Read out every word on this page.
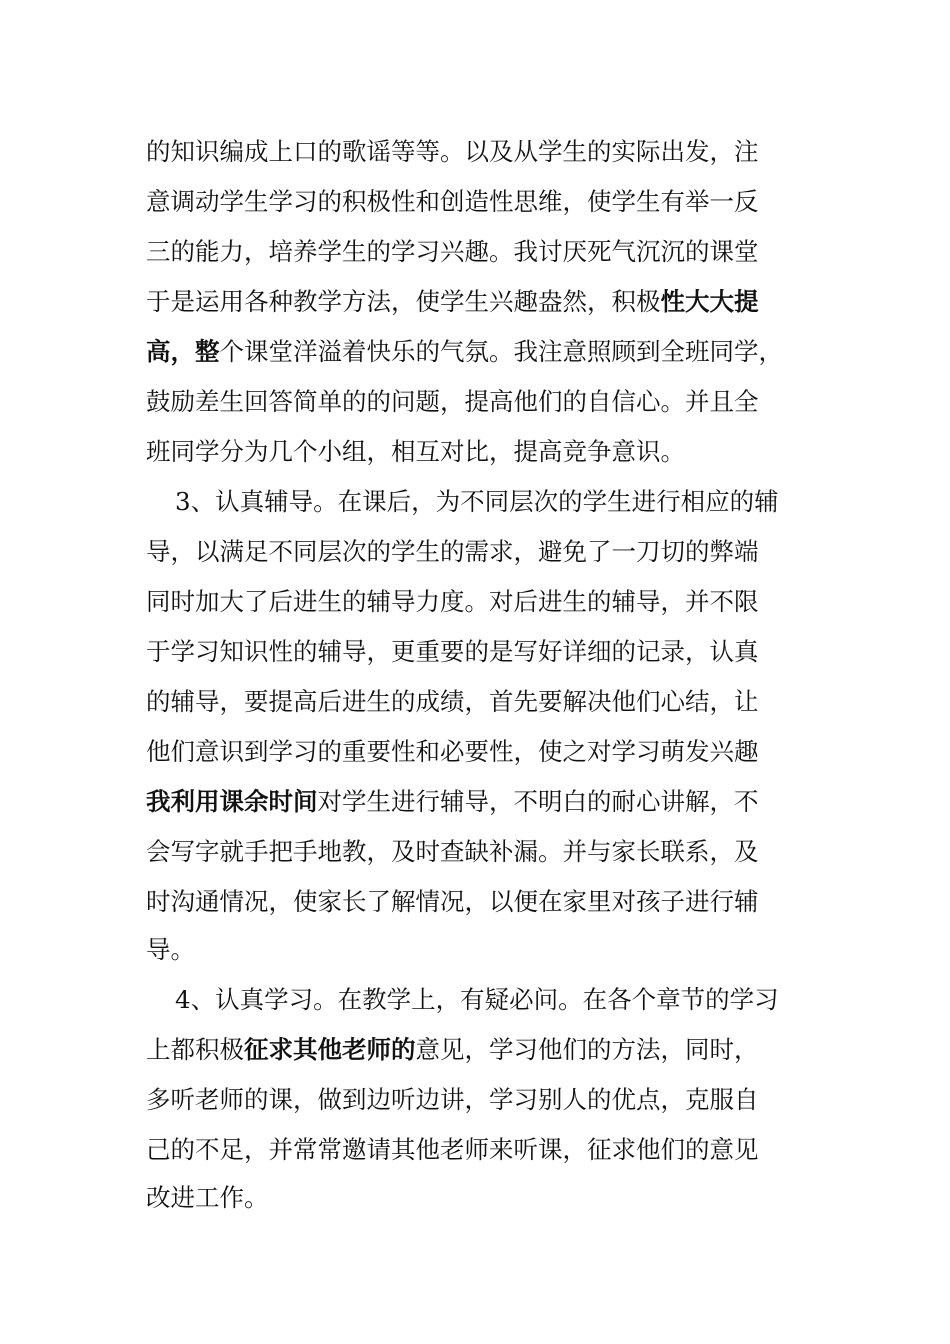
的知识编成上口的歌谣等等。以及从学生的实际出发，注
意调动学生学习的积极性和创造性思维，使学生有举一反
三的能力，培养学生的学习兴趣。我讨厌死气沉沉的课堂
于是运用各种教学方法，使学生兴趣盎然，积极性大大提
高，整个课堂洋溢着快乐的气氛。我注意照顾到全班同学，
鼓励差生回答简单的的问题，提高他们的自信心。并且全
班同学分为几个小组，相互对比，提高竞争意识。
3、认真辅导。在课后，为不同层次的学生进行相应的辅
导，以满足不同层次的学生的需求，避免了一刀切的弊端
同时加大了后进生的辅导力度。对后进生的辅导，并不限
于学习知识性的辅导，更重要的是写好详细的记录，认真
的辅导，要提高后进生的成绩，首先要解决他们心结，让
他们意识到学习的重要性和必要性，使之对学习萌发兴趣
我利用课余时间对学生进行辅导，不明白的耐心讲解，不
会写字就手把手地教，及时查缺补漏。并与家长联系，及
时沟通情况，使家长了解情况，以便在家里对孩子进行辅
导。
4、认真学习。在教学上，有疑必问。在各个章节的学习
上都积极征求其他老师的意见，学习他们的方法，同时，
多听老师的课，做到边听边讲，学习别人的优点，克服自
己的不足，并常常邀请其他老师来听课，征求他们的意见
改进工作。
